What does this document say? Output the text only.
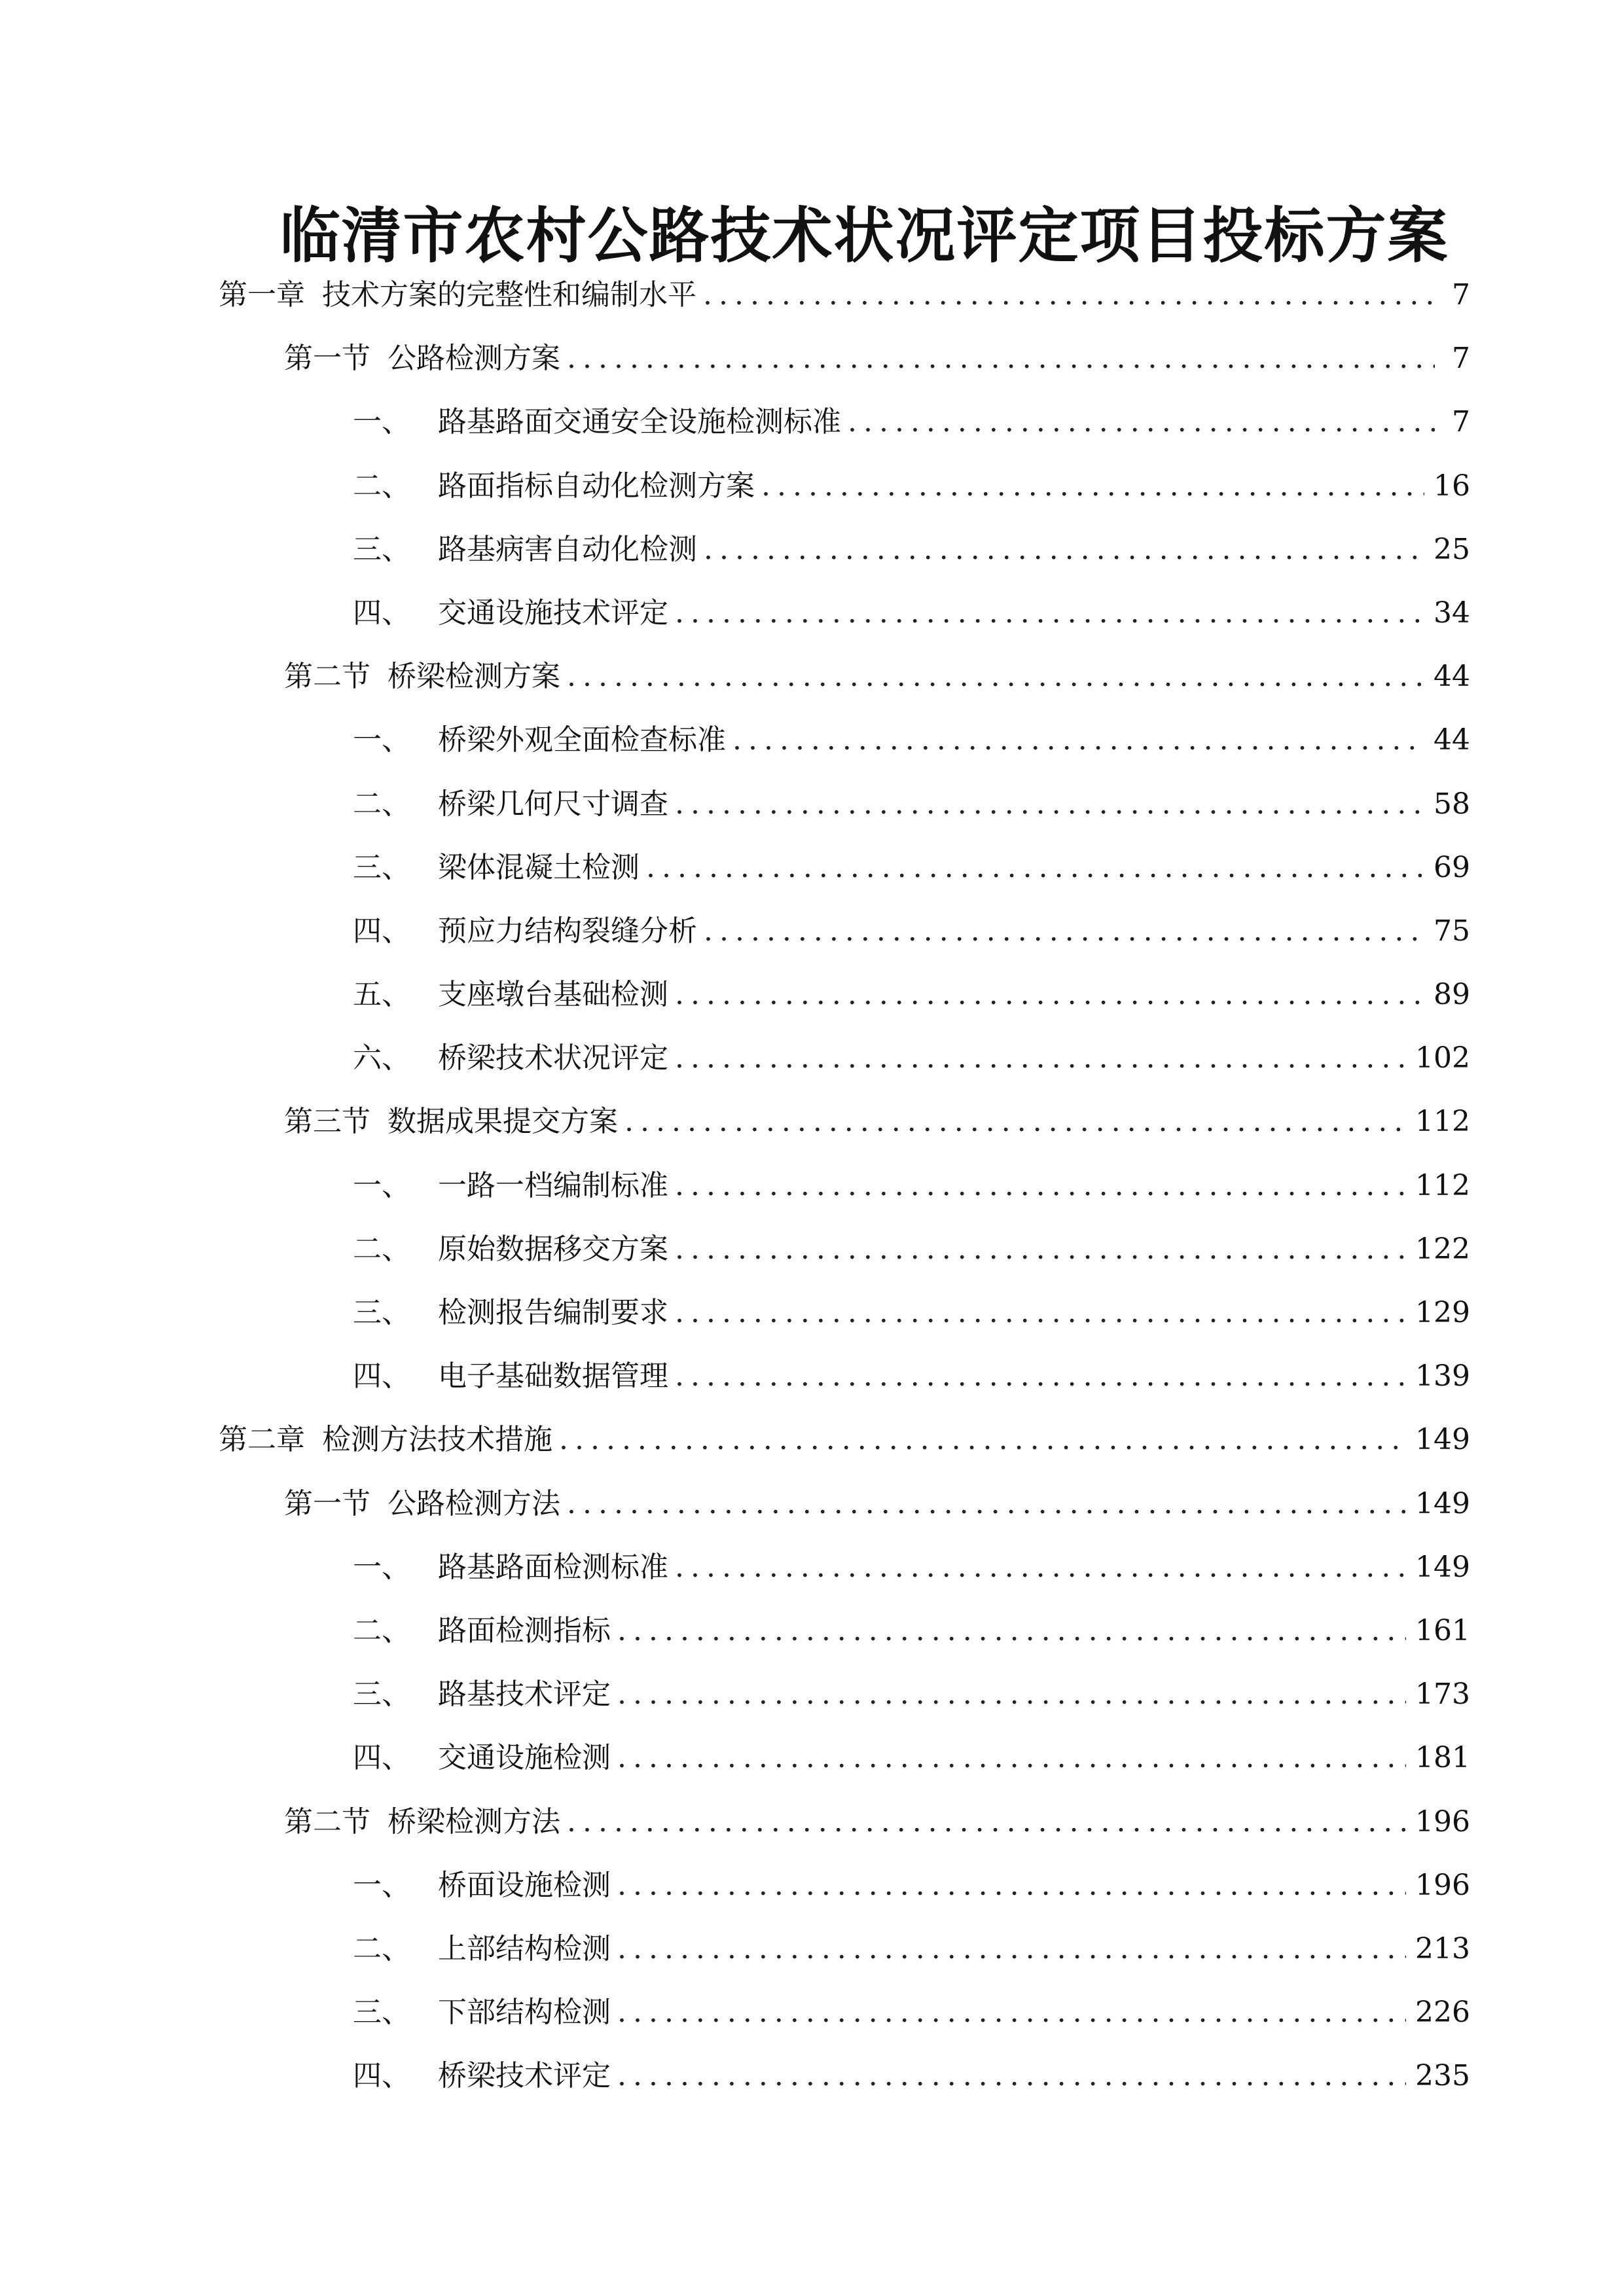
临清市农村公路技术状况评定项目投标方案
第一章 技术方案的完整性和编制水平 .....	7
第一节 公路检测方案 .....	7
一、 路基路面交通安全设施检测标准 .....	7
二、 路面指标自动化检测方案 .....	16
三、 路基病害自动化检测 .....	25
四、 交通设施技术评定 .....	34
第二节 桥梁检测方案 .....	44
一、 桥梁外观全面检查标准 .....	44
二、 桥梁几何尺寸调查 .....	58
三、 梁体混凝土检测 .....	69
四、 预应力结构裂缝分析 .....	75
五、 支座墩台基础检测 .....	89
六、 桥梁技术状况评定 .....	102
第三节 数据成果提交方案 .....	112
一、 一路一档编制标准 .....	112
二、 原始数据移交方案 .....	122
三、 检测报告编制要求 .....	129
四、 电子基础数据管理 .....	139
第二章 检测方法技术措施 .....	149
第一节 公路检测方法 .....	149
一、 路基路面检测标准 .....	149
二、 路面检测指标 .....	161
三、 路基技术评定 .....	173
四、 交通设施检测 .....	181
第二节 桥梁检测方法 .....	196
一、 桥面设施检测 .....	196
二、 上部结构检测 .....	213
三、 下部结构检测 .....	226
四、 桥梁技术评定 .....	235
